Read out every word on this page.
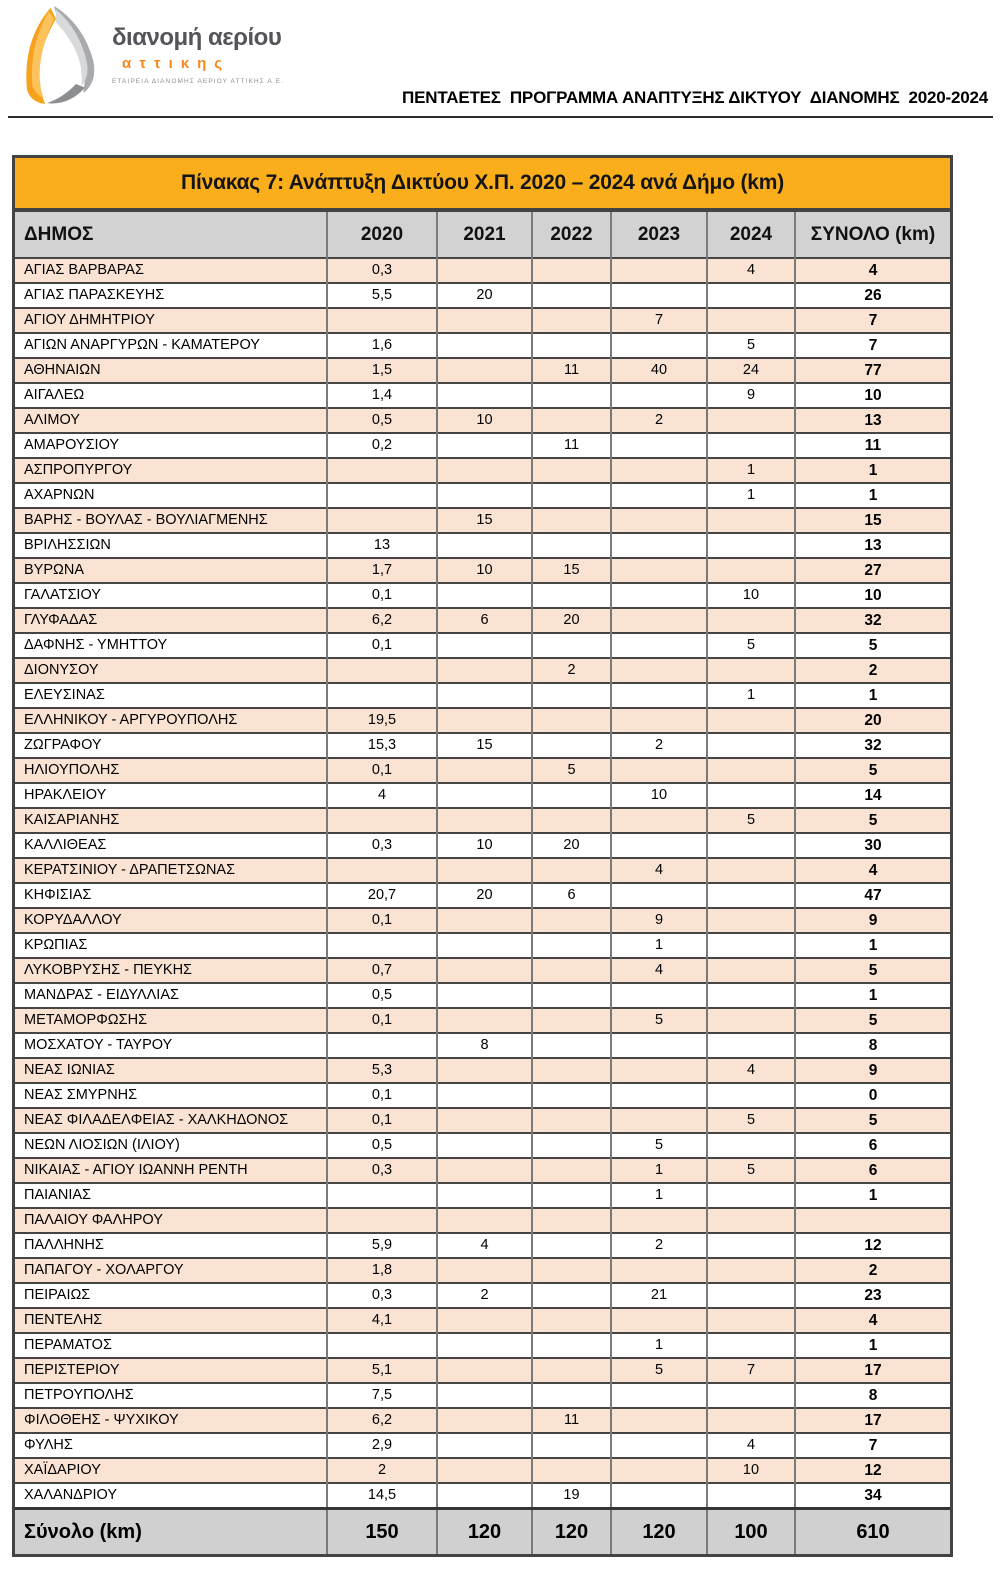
διανομή αερίου
αττικης
ΕΤΑΙΡΕΙΑ ΔΙΑΝΟΜΗΣ ΑΕΡΙΟΥ ΑΤΤΙΚΗΣ Α.Ε.
ΠΕΝΤΑΕΤΕΣ  ΠΡΟΓΡΑΜΜΑ ΑΝΑΠΤΥΞΗΣ ΔΙΚΤΥΟΥ  ΔΙΑΝΟΜΗΣ  2020-2024
Πίνακας 7: Ανάπτυξη Δικτύου Χ.Π. 2020 – 2024 ανά Δήμο (km)
ΔΗΜΟΣ	2020	2021	2022	2023	2024	ΣΥΝΟΛΟ (km)
ΑΓΙΑΣ ΒΑΡΒΑΡΑΣ	0,3				4	4
ΑΓΙΑΣ ΠΑΡΑΣΚΕΥΗΣ	5,5	20				26
ΑΓΙΟΥ ΔΗΜΗΤΡΙΟΥ				7		7
ΑΓΙΩΝ ΑΝΑΡΓΥΡΩΝ - ΚΑΜΑΤΕΡΟΥ	1,6				5	7
ΑΘΗΝΑΙΩΝ	1,5		11	40	24	77
ΑΙΓΑΛΕΩ	1,4				9	10
ΑΛΙΜΟΥ	0,5	10		2		13
ΑΜΑΡΟΥΣΙΟΥ	0,2		11			11
ΑΣΠΡΟΠΥΡΓΟΥ					1	1
ΑΧΑΡΝΩΝ					1	1
ΒΑΡΗΣ - ΒΟΥΛΑΣ - ΒΟΥΛΙΑΓΜΕΝΗΣ		15				15
ΒΡΙΛΗΣΣΙΩΝ	13					13
ΒΥΡΩΝΑ	1,7	10	15			27
ΓΑΛΑΤΣΙΟΥ	0,1				10	10
ΓΛΥΦΑΔΑΣ	6,2	6	20			32
ΔΑΦΝΗΣ - ΥΜΗΤΤΟΥ	0,1				5	5
ΔΙΟΝΥΣΟΥ			2			2
ΕΛΕΥΣΙΝΑΣ					1	1
ΕΛΛΗΝΙΚΟΥ - ΑΡΓΥΡΟΥΠΟΛΗΣ	19,5					20
ΖΩΓΡΑΦΟΥ	15,3	15		2		32
ΗΛΙΟΥΠΟΛΗΣ	0,1		5			5
ΗΡΑΚΛΕΙΟΥ	4			10		14
ΚΑΙΣΑΡΙΑΝΗΣ					5	5
ΚΑΛΛΙΘΕΑΣ	0,3	10	20			30
ΚΕΡΑΤΣΙΝΙΟΥ - ΔΡΑΠΕΤΣΩΝΑΣ				4		4
ΚΗΦΙΣΙΑΣ	20,7	20	6			47
ΚΟΡΥΔΑΛΛΟΥ	0,1			9		9
ΚΡΩΠΙΑΣ				1		1
ΛΥΚΟΒΡΥΣΗΣ - ΠΕΥΚΗΣ	0,7			4		5
ΜΑΝΔΡΑΣ - ΕΙΔΥΛΛΙΑΣ	0,5					1
ΜΕΤΑΜΟΡΦΩΣΗΣ	0,1			5		5
ΜΟΣΧΑΤΟΥ - ΤΑΥΡΟΥ		8				8
ΝΕΑΣ ΙΩΝΙΑΣ	5,3				4	9
ΝΕΑΣ ΣΜΥΡΝΗΣ	0,1					0
ΝΕΑΣ ΦΙΛΑΔΕΛΦΕΙΑΣ - ΧΑΛΚΗΔΟΝΟΣ	0,1				5	5
ΝΕΩΝ ΛΙΟΣΙΩΝ (ΙΛΙΟΥ)	0,5			5		6
ΝΙΚΑΙΑΣ - ΑΓΙΟΥ ΙΩΑΝΝΗ ΡΕΝΤΗ	0,3			1	5	6
ΠΑΙΑΝΙΑΣ				1		1
ΠΑΛΑΙΟΥ ΦΑΛΗΡΟΥ						
ΠΑΛΛΗΝΗΣ	5,9	4		2		12
ΠΑΠΑΓΟΥ - ΧΟΛΑΡΓΟΥ	1,8					2
ΠΕΙΡΑΙΩΣ	0,3	2		21		23
ΠΕΝΤΕΛΗΣ	4,1					4
ΠΕΡΑΜΑΤΟΣ				1		1
ΠΕΡΙΣΤΕΡΙΟΥ	5,1			5	7	17
ΠΕΤΡΟΥΠΟΛΗΣ	7,5					8
ΦΙΛΟΘΕΗΣ - ΨΥΧΙΚΟΥ	6,2		11			17
ΦΥΛΗΣ	2,9				4	7
ΧΑΪΔΑΡΙΟΥ	2				10	12
ΧΑΛΑΝΔΡΙΟΥ	14,5		19			34
Σύνολο (km)	150	120	120	120	100	610
